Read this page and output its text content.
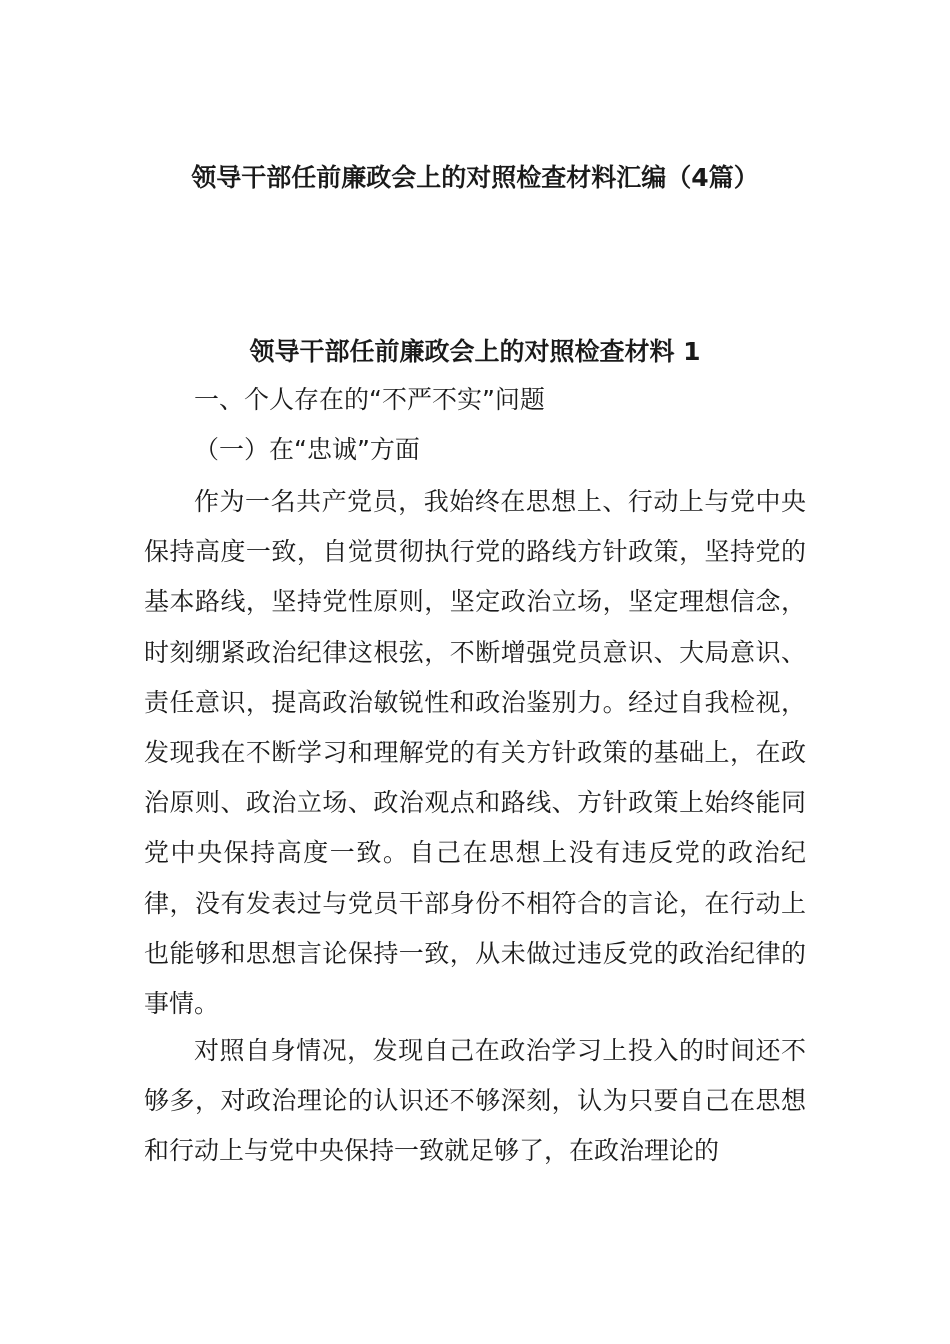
领导干部任前廉政会上的对照检查材料汇编（4篇）
领导干部任前廉政会上的对照检查材料 1

一、个人存在的“不严不实”问题

（一）在“忠诚”方面

作为一名共产党员，我始终在思想上、行动上与党中央保持高度一致，自觉贯彻执行党的路线方针政策，坚持党的基本路线，坚持党性原则，坚定政治立场，坚定理想信念，时刻绷紧政治纪律这根弦，不断增强党员意识、大局意识、责任意识，提高政治敏锐性和政治鉴别力。经过自我检视，发现我在不断学习和理解党的有关方针政策的基础上，在政治原则、政治立场、政治观点和路线、方针政策上始终能同党中央保持高度一致。自己在思想上没有违反党的政治纪律，没有发表过与党员干部身份不相符合的言论，在行动上也能够和思想言论保持一致，从未做过违反党的政治纪律的事情。

对照自身情况，发现自己在政治学习上投入的时间还不够多，对政治理论的认识还不够深刻，认为只要自己在思想和行动上与党中央保持一致就足够了，在政治理论的
